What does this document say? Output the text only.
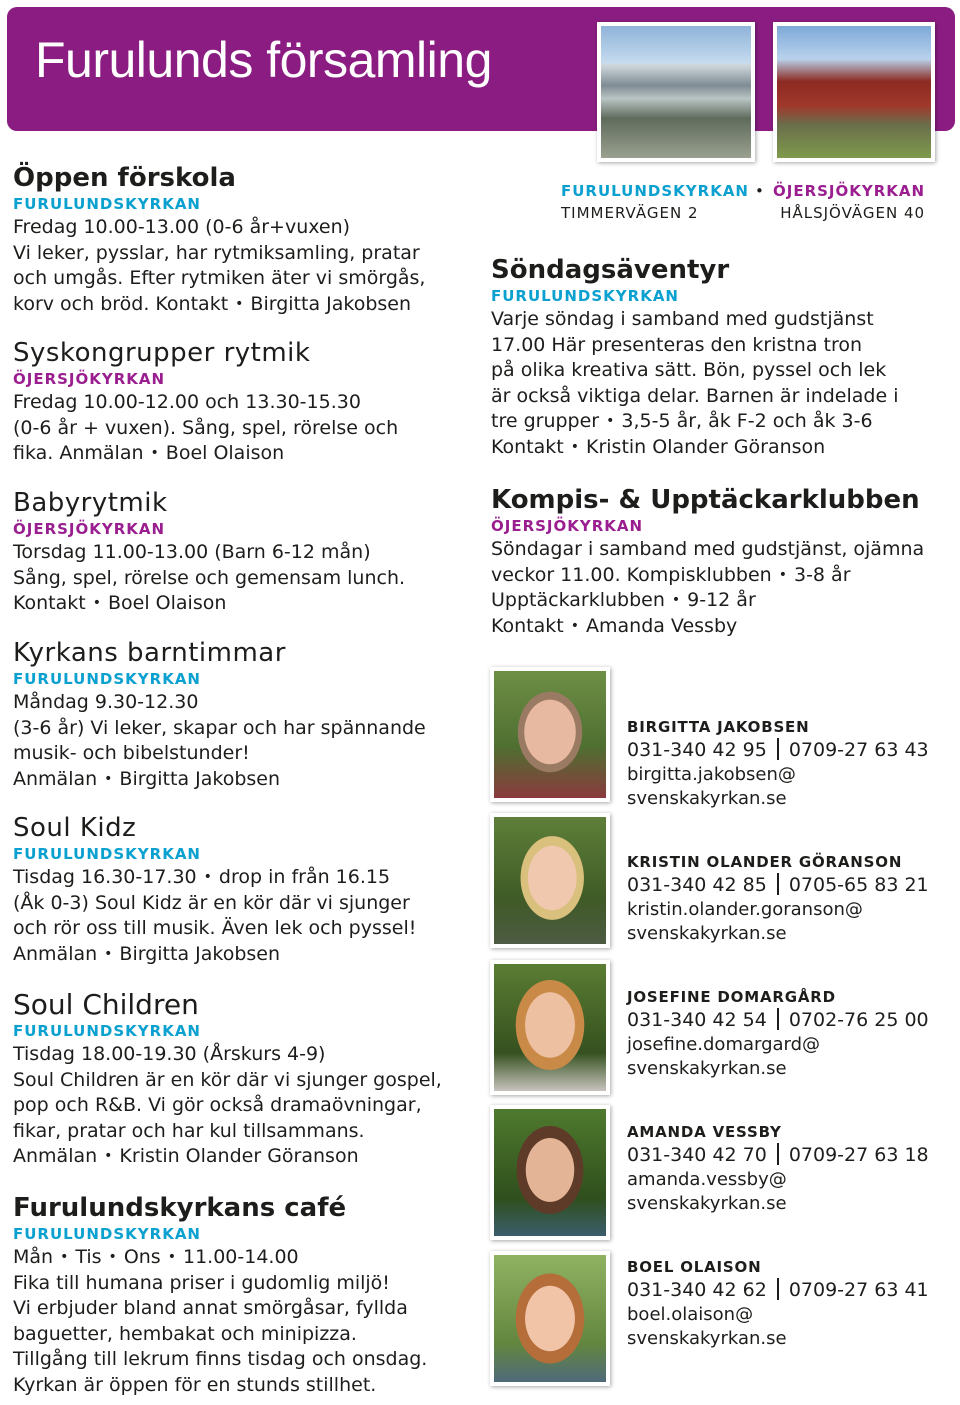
Furulunds församling
FURULUNDSKYRKAN
TIMMERVÄGEN 2
• ÖJERSJÖKYRKAN
HÅLSJÖVÄGEN 40
Öppen förskola
FURULUNDSKYRKAN
Fredag 10.00-13.00 (0-6 år+vuxen)
Vi leker, pysslar, har rytmiksamling, pratar
och umgås. Efter rytmiken äter vi smörgås,
korv och bröd. Kontakt • Birgitta Jakobsen
Syskongrupper rytmik
ÖJERSJÖKYRKAN
Fredag 10.00-12.00 och 13.30-15.30
(0-6 år + vuxen). Sång, spel, rörelse och
fika. Anmälan • Boel Olaison
Babyrytmik
ÖJERSJÖKYRKAN
Torsdag 11.00-13.00 (Barn 6-12 mån)
Sång, spel, rörelse och gemensam lunch.
Kontakt • Boel Olaison
Kyrkans barntimmar
FURULUNDSKYRKAN
Måndag 9.30-12.30
(3-6 år) Vi leker, skapar och har spännande
musik- och bibelstunder!
Anmälan • Birgitta Jakobsen
Soul Kidz
FURULUNDSKYRKAN
Tisdag 16.30-17.30 • drop in från 16.15
(Åk 0-3) Soul Kidz är en kör där vi sjunger
och rör oss till musik. Även lek och pyssel!
Anmälan • Birgitta Jakobsen
Soul Children
FURULUNDSKYRKAN
Tisdag 18.00-19.30 (Årskurs 4-9)
Soul Children är en kör där vi sjunger gospel,
pop och R&B. Vi gör också dramaövningar,
fikar, pratar och har kul tillsammans.
Anmälan • Kristin Olander Göranson
Furulundskyrkans café
FURULUNDSKYRKAN
Mån • Tis • Ons • 11.00-14.00
Fika till humana priser i gudomlig miljö!
Vi erbjuder bland annat smörgåsar, fyllda
baguetter, hembakat och minipizza.
Tillgång till lekrum finns tisdag och onsdag.
Kyrkan är öppen för en stunds stillhet.
Söndagsäventyr
FURULUNDSKYRKAN
Varje söndag i samband med gudstjänst
17.00 Här presenteras den kristna tron
på olika kreativa sätt. Bön, pyssel och lek
är också viktiga delar. Barnen är indelade i
tre grupper • 3,5-5 år, åk F-2 och åk 3-6
Kontakt • Kristin Olander Göranson
Kompis- & Upptäckarklubben
ÖJERSJÖKYRKAN
Söndagar i samband med gudstjänst, ojämna
veckor 11.00. Kompisklubben • 3-8 år
Upptäckarklubben • 9-12 år
Kontakt • Amanda Vessby
BIRGITTA JAKOBSEN
031-340 42 95 0709-27 63 43
birgitta.jakobsen@
svenskakyrkan.se
KRISTIN OLANDER GÖRANSON
031-340 42 85 0705-65 83 21
kristin.olander.goranson@
svenskakyrkan.se
JOSEFINE DOMARGÅRD
031-340 42 54 0702-76 25 00
josefine.domargard@
svenskakyrkan.se
AMANDA VESSBY
031-340 42 70 0709-27 63 18
amanda.vessby@
svenskakyrkan.se
BOEL OLAISON
031-340 42 62 0709-27 63 41
boel.olaison@
svenskakyrkan.se
